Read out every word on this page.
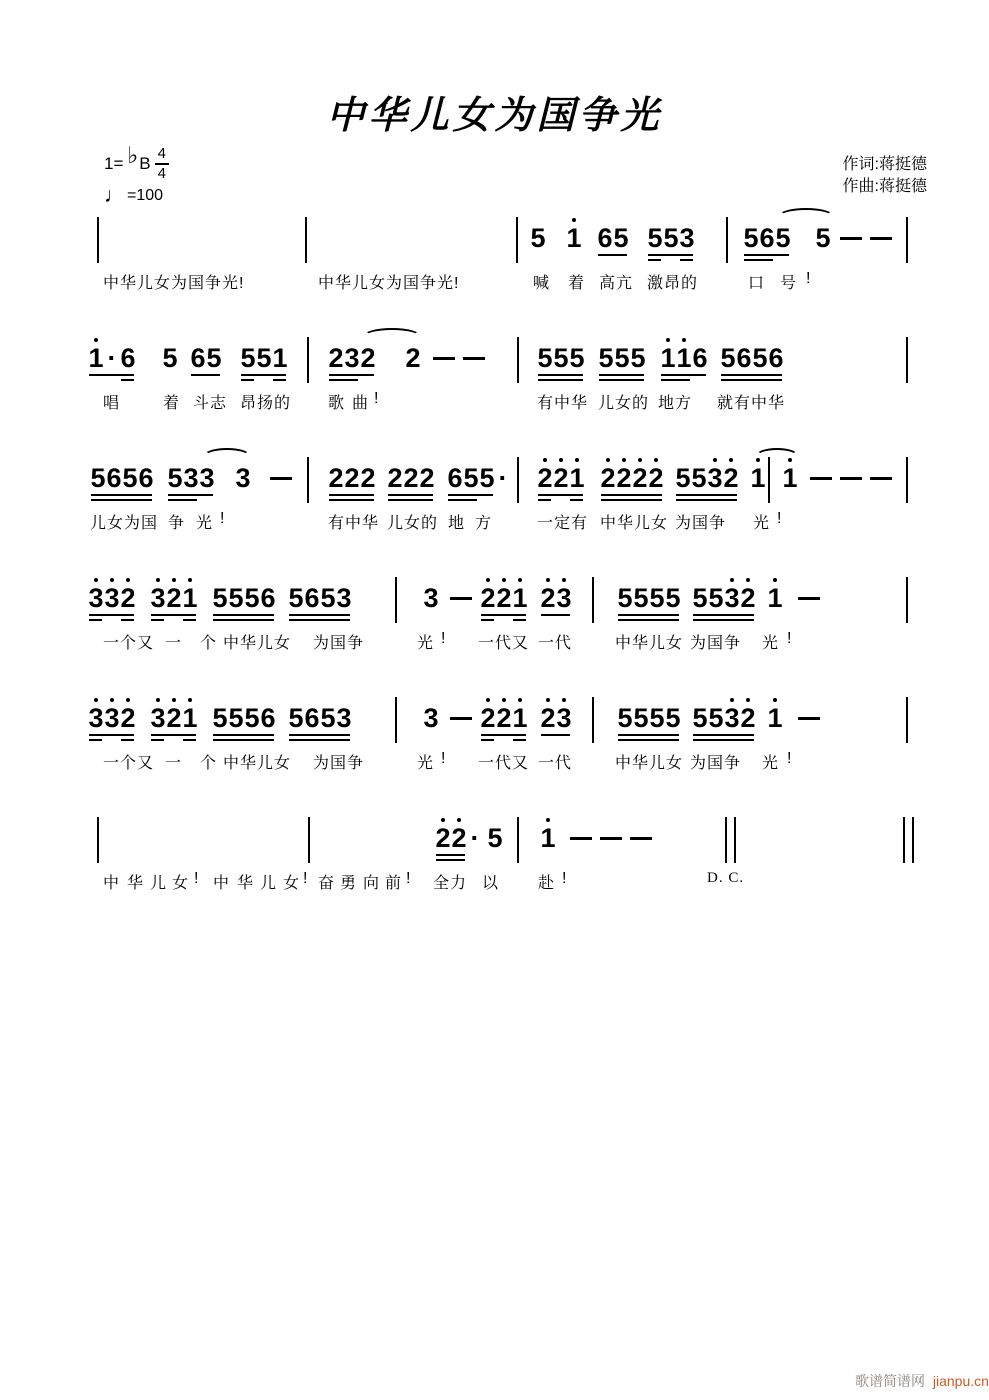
中华儿女为国争光
1= ♭ B $\frac{4}{4}$
♩ =100
作词:蒋挺德
作曲:蒋挺德
5 1 65 553 565 5
中华儿女为国争光!	中华儿女为国争光!	喊 着 高亢 激昂的	口 号 !
1 · 6 5 65 551 232 2	555 555 1
1
6 5656
唱	着 斗志 昂扬的 歌 曲 !	有中华 儿女的 地方 就有中华
5656 533 3	222 222 655 · 2
2
1 2
2
2
2 553
2 1 1
儿女为国 争 光 !	有中华 儿女的 地 方	一定有 中华儿女 为国争 光 !
3
3
2 3
2
1 5556 5653	3 2
2
1 2
3 5555 553
2 1
一个又 一 个 中华儿女 为国争	光 ! 一代又 一代	中华儿女 为国争 光 !
3
3
2 3
2
1 5556 5653	3 2
2
1 2
3 5555 553
2 1
一个又 一 个 中华儿女 为国争	光 ! 一代又 一代	中华儿女 为国争 光 !
2
2 · 5 1
中 华 儿 女 ! 中 华 儿 女 ! 奋 勇 向 前 ! 全力 以 赴 !	D. C.
歌谱简谱网 jianpu.cn
